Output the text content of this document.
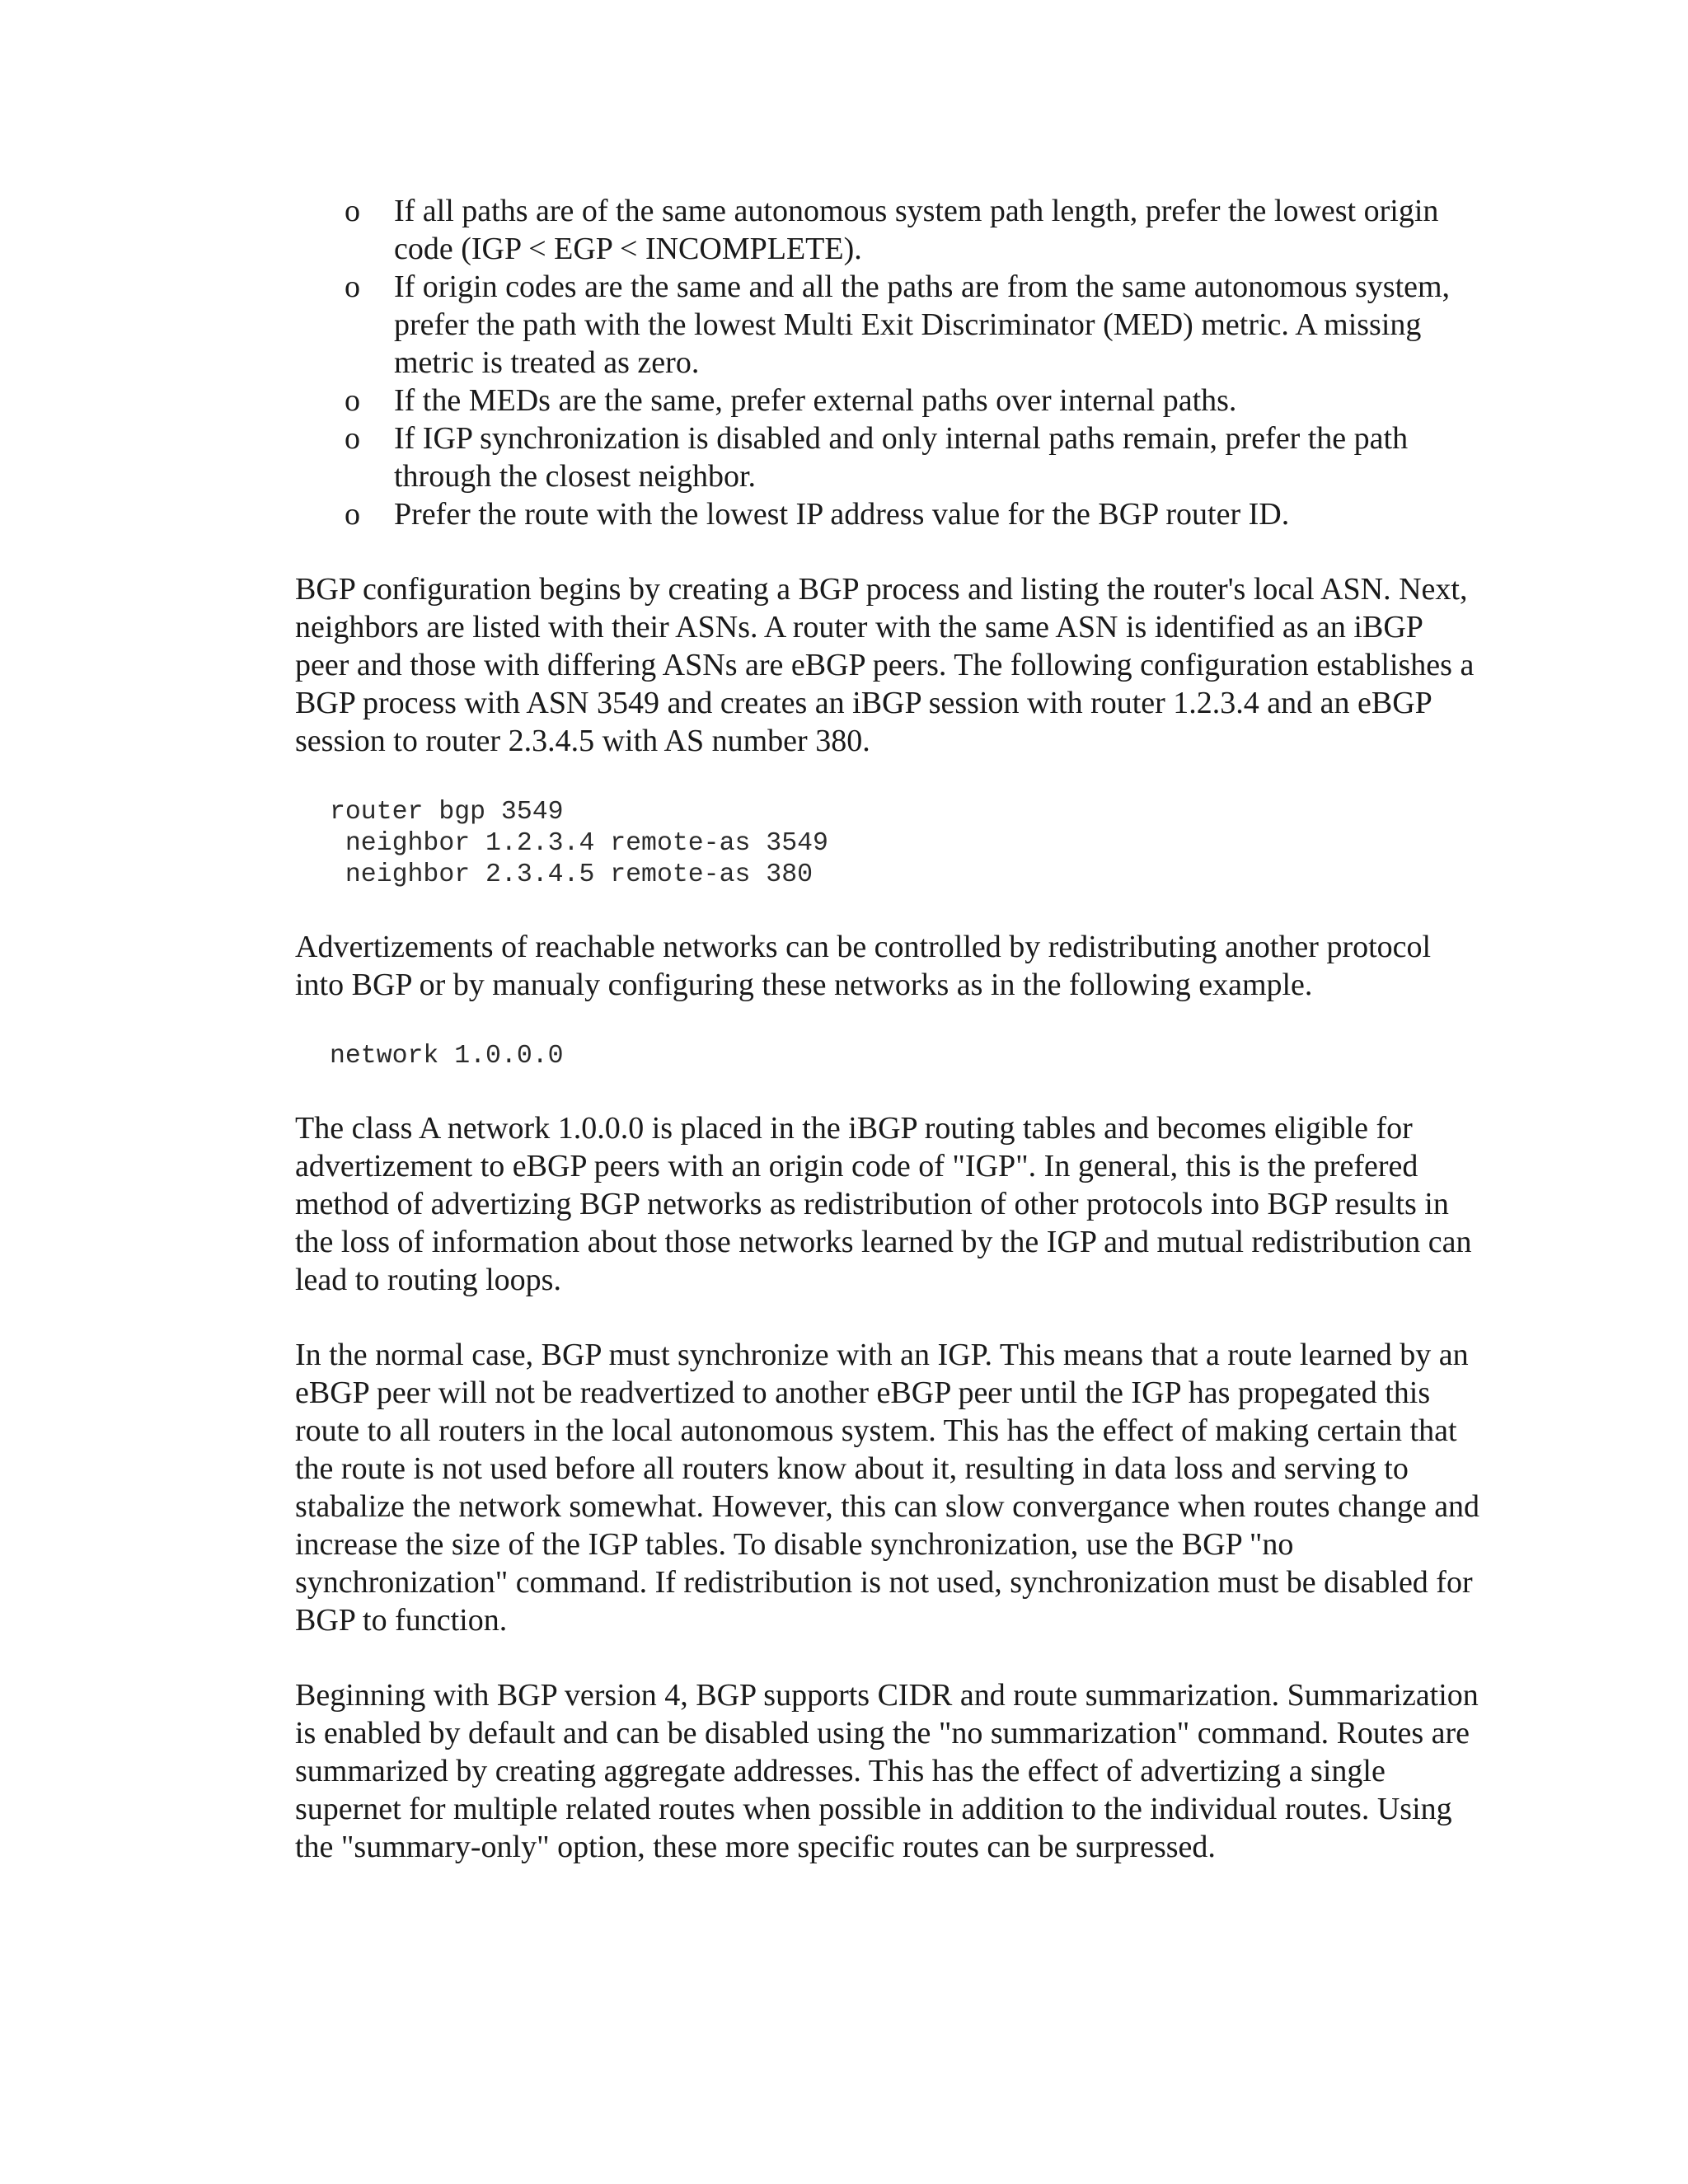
o If all paths are of the same autonomous system path length, prefer the lowest origin code (IGP < EGP < INCOMPLETE).
o If origin codes are the same and all the paths are from the same autonomous system, prefer the path with the lowest Multi Exit Discriminator (MED) metric. A missing metric is treated as zero.
o If the MEDs are the same, prefer external paths over internal paths.
o If IGP synchronization is disabled and only internal paths remain, prefer the path through the closest neighbor.
o Prefer the route with the lowest IP address value for the BGP router ID.

BGP configuration begins by creating a BGP process and listing the router's local ASN. Next, neighbors are listed with their ASNs. A router with the same ASN is identified as an iBGP peer and those with differing ASNs are eBGP peers. The following configuration establishes a BGP process with ASN 3549 and creates an iBGP session with router 1.2.3.4 and an eBGP session to router 2.3.4.5 with AS number 380.

router bgp 3549
neighbor 1.2.3.4 remote-as 3549
neighbor 2.3.4.5 remote-as 380

Advertizements of reachable networks can be controlled by redistributing another protocol into BGP or by manualy configuring these networks as in the following example.

network 1.0.0.0

The class A network 1.0.0.0 is placed in the iBGP routing tables and becomes eligible for advertizement to eBGP peers with an origin code of "IGP". In general, this is the prefered method of advertizing BGP networks as redistribution of other protocols into BGP results in the loss of information about those networks learned by the IGP and mutual redistribution can lead to routing loops.

In the normal case, BGP must synchronize with an IGP. This means that a route learned by an eBGP peer will not be readvertized to another eBGP peer until the IGP has propegated this route to all routers in the local autonomous system. This has the effect of making certain that the route is not used before all routers know about it, resulting in data loss and serving to stabalize the network somewhat. However, this can slow convergance when routes change and increase the size of the IGP tables. To disable synchronization, use the BGP "no synchronization" command. If redistribution is not used, synchronization must be disabled for BGP to function.

Beginning with BGP version 4, BGP supports CIDR and route summarization. Summarization is enabled by default and can be disabled using the "no summarization" command. Routes are summarized by creating aggregate addresses. This has the effect of advertizing a single supernet for multiple related routes when possible in addition to the individual routes. Using the "summary-only" option, these more specific routes can be surpressed.
